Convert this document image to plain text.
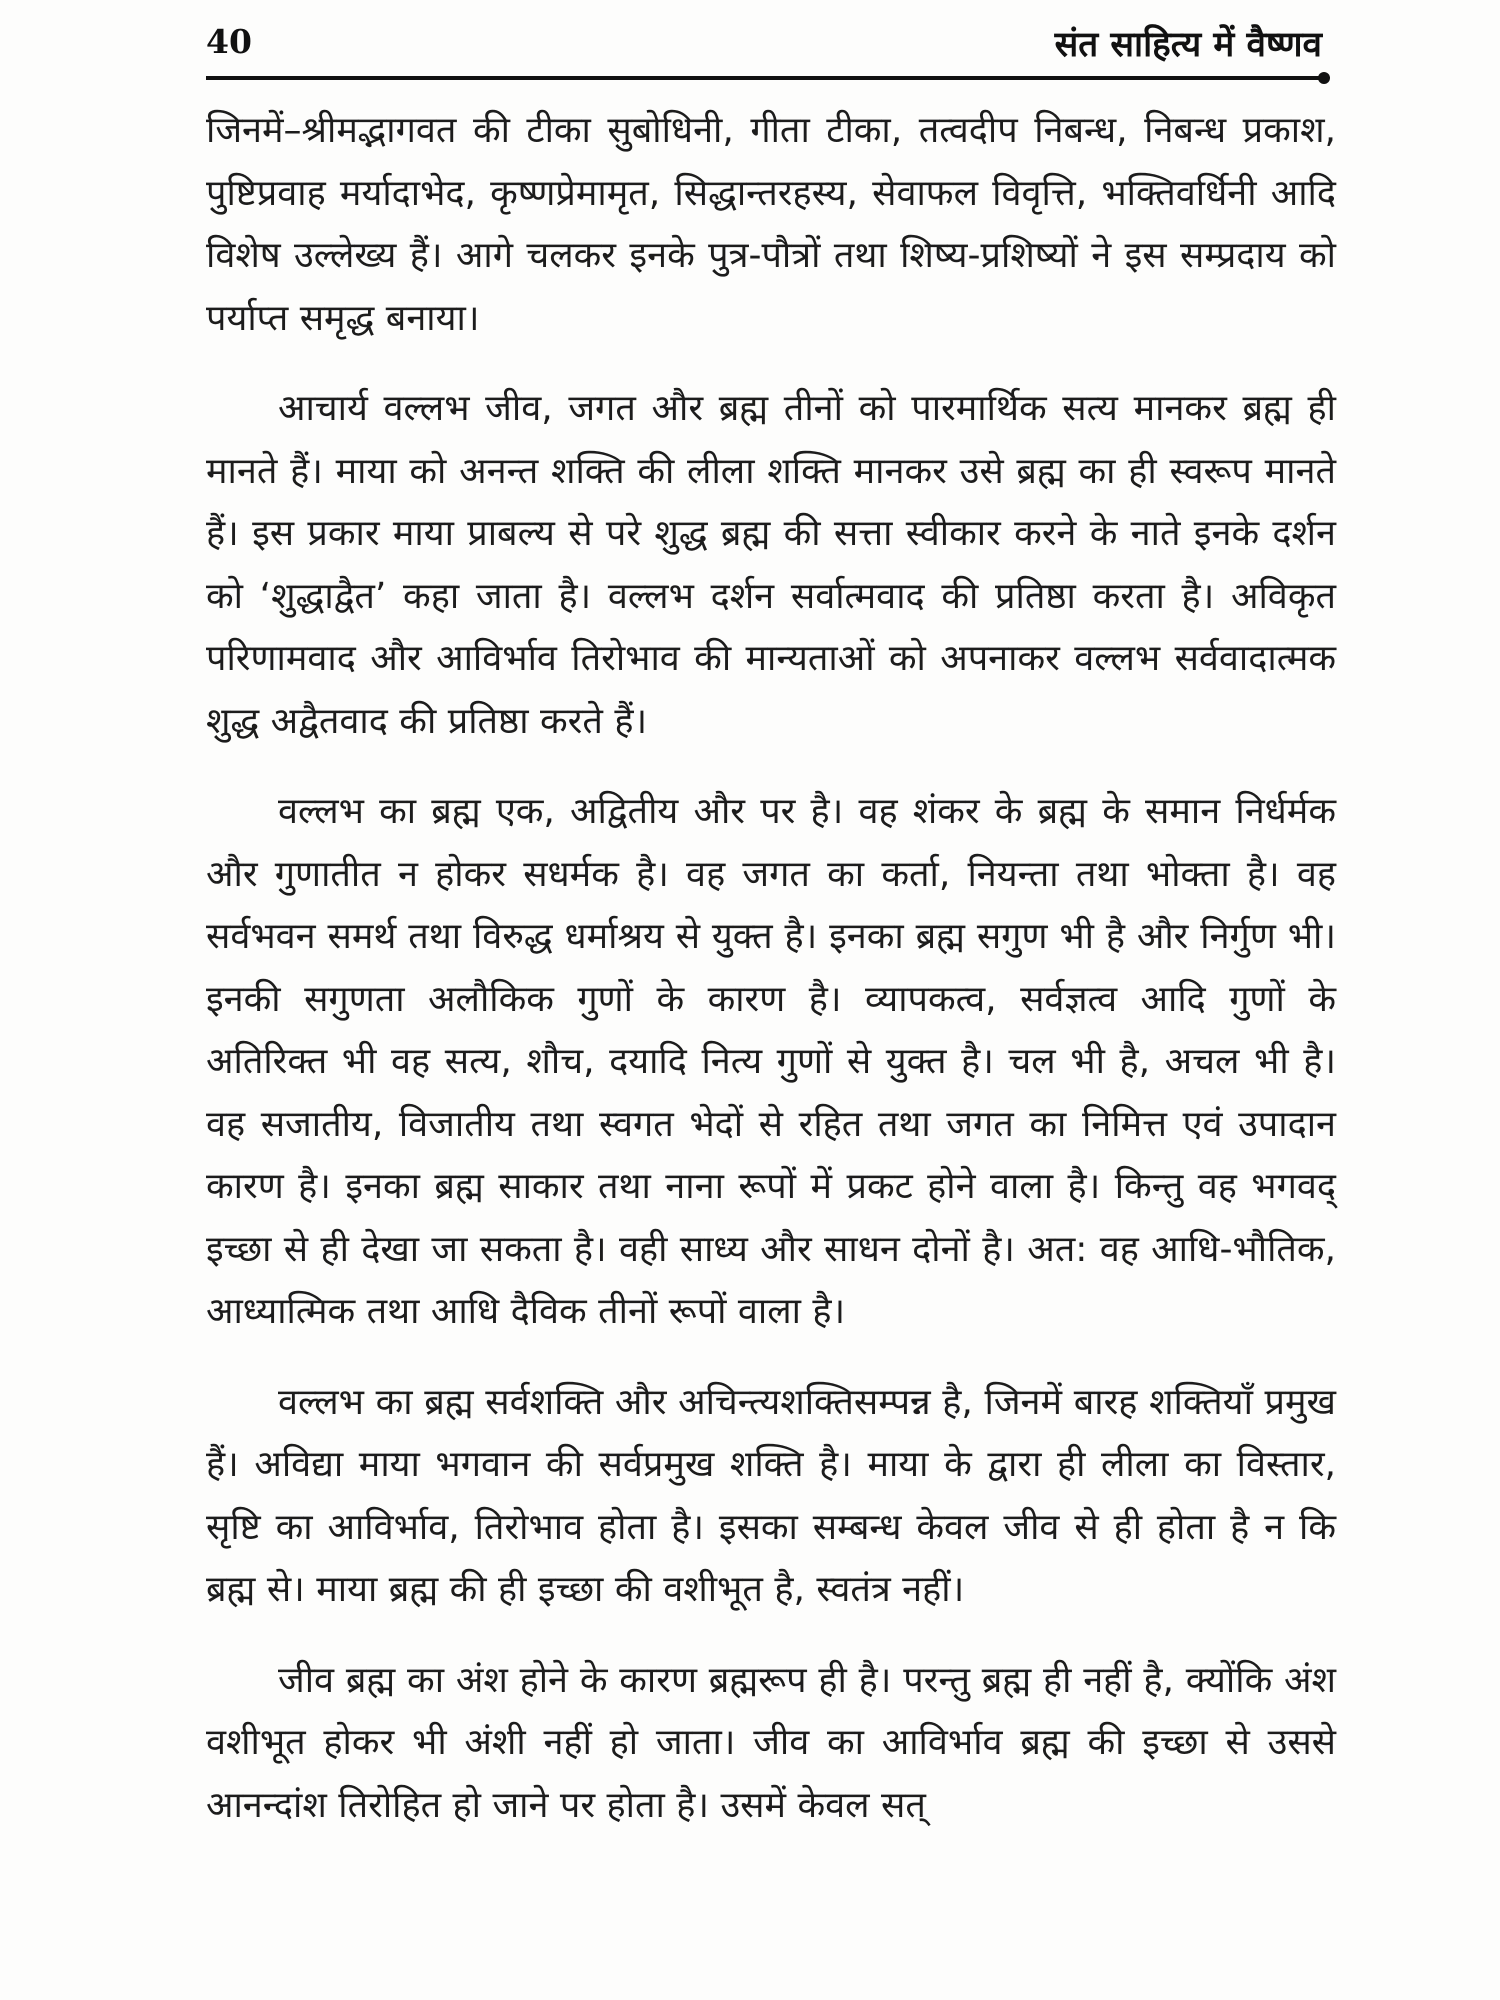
40	संत साहित्य में वैष्णव

जिनमें–श्रीमद्भागवत की टीका सुबोधिनी, गीता टीका, तत्वदीप निबन्ध, निबन्ध प्रकाश, पुष्टिप्रवाह मर्यादाभेद, कृष्णप्रेमामृत, सिद्धान्तरहस्य, सेवाफल विवृत्ति, भक्तिवर्धिनी आदि विशेष उल्लेख्य हैं। आगे चलकर इनके पुत्र-पौत्रों तथा शिष्य-प्रशिष्यों ने इस सम्प्रदाय को पर्याप्त समृद्ध बनाया।

आचार्य वल्लभ जीव, जगत और ब्रह्म तीनों को पारमार्थिक सत्य मानकर ब्रह्म ही मानते हैं। माया को अनन्त शक्ति की लीला शक्ति मानकर उसे ब्रह्म का ही स्वरूप मानते हैं। इस प्रकार माया प्राबल्य से परे शुद्ध ब्रह्म की सत्ता स्वीकार करने के नाते इनके दर्शन को ‘शुद्धाद्वैत’ कहा जाता है। वल्लभ दर्शन सर्वात्मवाद की प्रतिष्ठा करता है। अविकृत परिणामवाद और आविर्भाव तिरोभाव की मान्यताओं को अपनाकर वल्लभ सर्ववादात्मक शुद्ध अद्वैतवाद की प्रतिष्ठा करते हैं।

वल्लभ का ब्रह्म एक, अद्वितीय और पर है। वह शंकर के ब्रह्म के समान निर्धर्मक और गुणातीत न होकर सधर्मक है। वह जगत का कर्ता, नियन्ता तथा भोक्ता है। वह सर्वभवन समर्थ तथा विरुद्ध धर्माश्रय से युक्त है। इनका ब्रह्म सगुण भी है और निर्गुण भी। इनकी सगुणता अलौकिक गुणों के कारण है। व्यापकत्व, सर्वज्ञत्व आदि गुणों के अतिरिक्त भी वह सत्य, शौच, दयादि नित्य गुणों से युक्त है। चल भी है, अचल भी है। वह सजातीय, विजातीय तथा स्वगत भेदों से रहित तथा जगत का निमित्त एवं उपादान कारण है। इनका ब्रह्म साकार तथा नाना रूपों में प्रकट होने वाला है। किन्तु वह भगवद् इच्छा से ही देखा जा सकता है। वही साध्य और साधन दोनों है। अत: वह आधि-भौतिक, आध्यात्मिक तथा आधि दैविक तीनों रूपों वाला है।

वल्लभ का ब्रह्म सर्वशक्ति और अचिन्त्यशक्तिसम्पन्न है, जिनमें बारह शक्तियाँ प्रमुख हैं। अविद्या माया भगवान की सर्वप्रमुख शक्ति है। माया के द्वारा ही लीला का विस्तार, सृष्टि का आविर्भाव, तिरोभाव होता है। इसका सम्बन्ध केवल जीव से ही होता है न कि ब्रह्म से। माया ब्रह्म की ही इच्छा की वशीभूत है, स्वतंत्र नहीं।

जीव ब्रह्म का अंश होने के कारण ब्रह्मरूप ही है। परन्तु ब्रह्म ही नहीं है, क्योंकि अंश वशीभूत होकर भी अंशी नहीं हो जाता। जीव का आविर्भाव ब्रह्म की इच्छा से उससे आनन्दांश तिरोहित हो जाने पर होता है। उसमें केवल सत्
